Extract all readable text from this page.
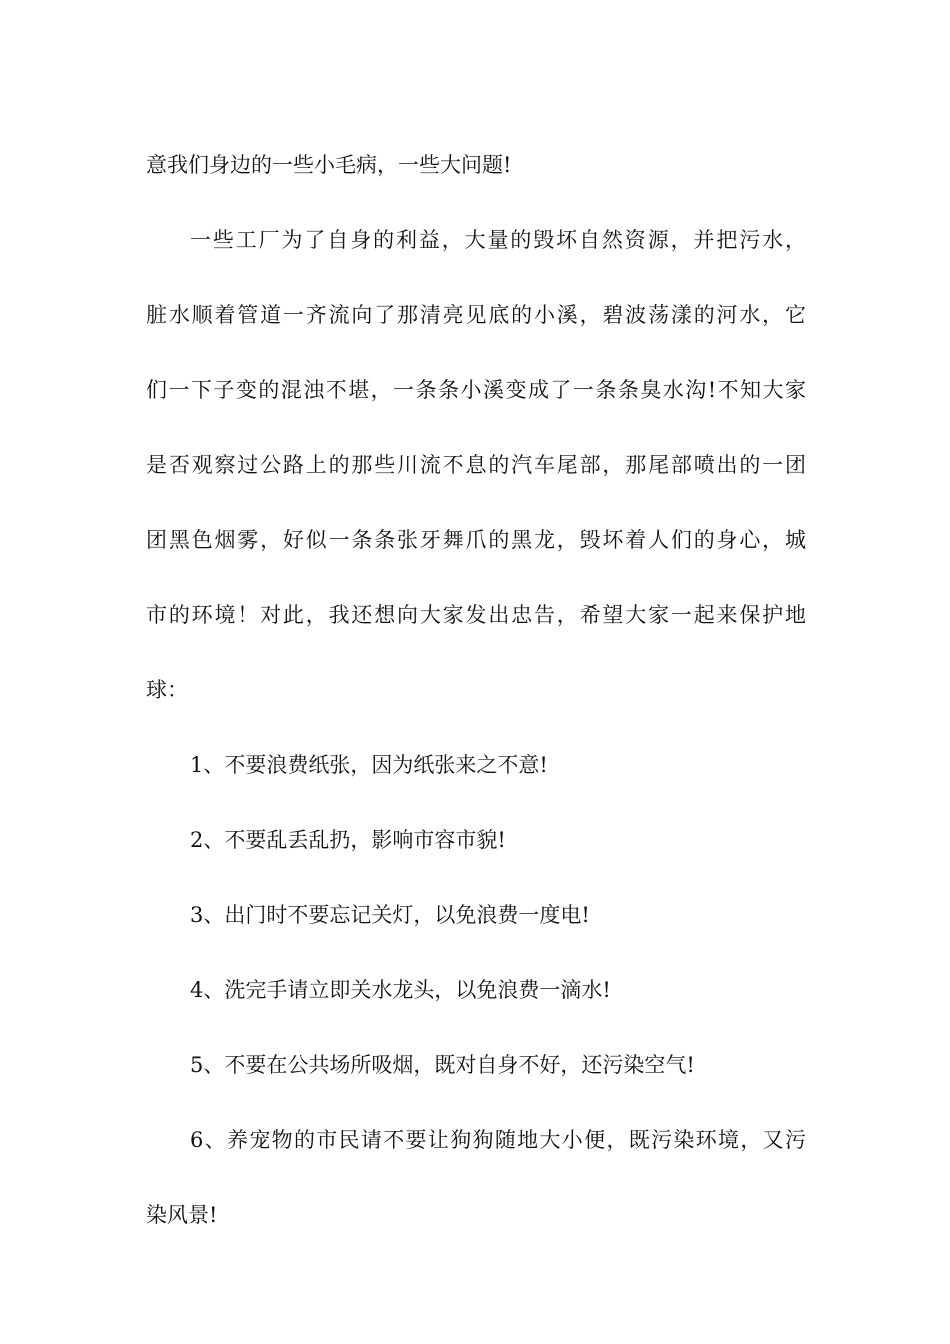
意我们身边的一些小毛病，一些大问题!
一些工厂为了自身的利益，大量的毁坏自然资源，并把污水，
脏水顺着管道一齐流向了那清亮见底的小溪，碧波荡漾的河水，它
们一下子变的混浊不堪，一条条小溪变成了一条条臭水沟!不知大家
是否观察过公路上的那些川流不息的汽车尾部，那尾部喷出的一团
团黑色烟雾，好似一条条张牙舞爪的黑龙，毁坏着人们的身心，城
市的环境！对此，我还想向大家发出忠告，希望大家一起来保护地
球：
1、不要浪费纸张，因为纸张来之不意!
2、不要乱丢乱扔，影响市容市貌!
3、出门时不要忘记关灯，以免浪费一度电!
4、洗完手请立即关水龙头，以免浪费一滴水!
5、不要在公共场所吸烟，既对自身不好，还污染空气!
6、养宠物的市民请不要让狗狗随地大小便，既污染环境，又污
染风景!
